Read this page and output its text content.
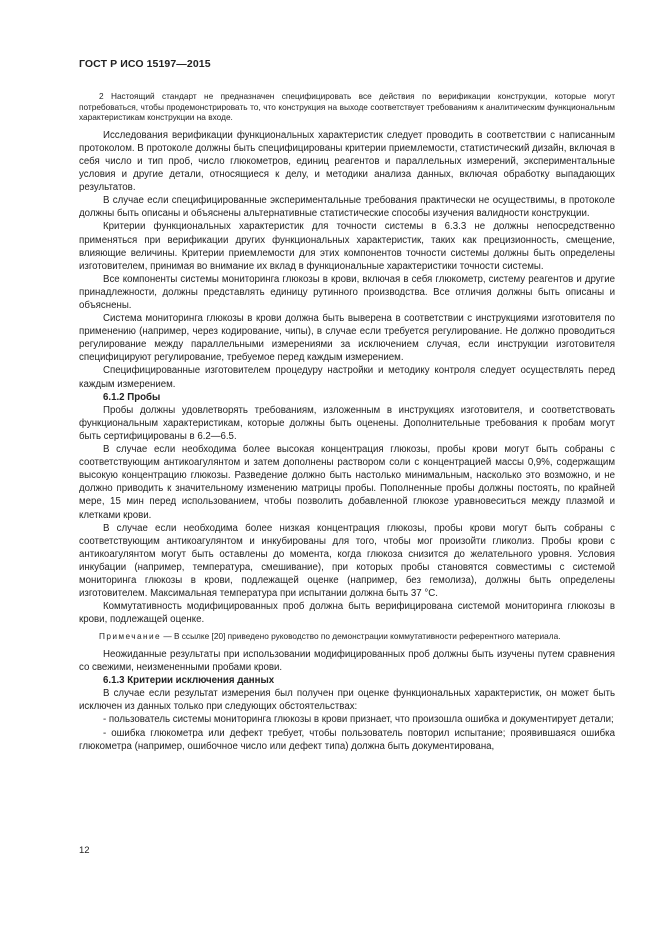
ГОСТ Р ИСО 15197—2015

2 Настоящий стандарт не предназначен специфицировать все действия по верификации конструкции, которые могут потребоваться, чтобы продемонстрировать то, что конструкция на выходе соответствует требованиям к аналитическим функциональным характеристикам конструкции на входе.

Исследования верификации функциональных характеристик следует проводить в соответствии с написанным протоколом. В протоколе должны быть специфицированы критерии приемлемости, статистический дизайн, включая в себя число и тип проб, число глюкометров, единиц реагентов и параллельных измерений, экспериментальные условия и другие детали, относящиеся к делу, и методики анализа данных, включая обработку выпадающих результатов.

В случае если специфицированные экспериментальные требования практически не осуществимы, в протоколе должны быть описаны и объяснены альтернативные статистические способы изучения валидности конструкции.

Критерии функциональных характеристик для точности системы в 6.3.3 не должны непосредственно применяться при верификации других функциональных характеристик, таких как прецизионность, смещение, влияющие величины. Критерии приемлемости для этих компонентов точности системы должны быть определены изготовителем, принимая во внимание их вклад в функциональные характеристики точности системы.

Все компоненты системы мониторинга глюкозы в крови, включая в себя глюкометр, систему реагентов и другие принадлежности, должны представлять единицу рутинного производства. Все отличия должны быть описаны и объяснены.

Система мониторинга глюкозы в крови должна быть выверена в соответствии с инструкциями изготовителя по применению (например, через кодирование, чипы), в случае если требуется регулирование. Не должно проводиться регулирование между параллельными измерениями за исключением случая, если инструкции изготовителя специфицируют регулирование, требуемое перед каждым измерением.

Специфицированные изготовителем процедуру настройки и методику контроля следует осуществлять перед каждым измерением.

6.1.2 Пробы

Пробы должны удовлетворять требованиям, изложенным в инструкциях изготовителя, и соответствовать функциональным характеристикам, которые должны быть оценены. Дополнительные требования к пробам могут быть сертифицированы в 6.2—6.5.

В случае если необходима более высокая концентрация глюкозы, пробы крови могут быть собраны с соответствующим антикоагулянтом и затем дополнены раствором соли с концентрацией массы 0,9%, содержащим высокую концентрацию глюкозы. Разведение должно быть настолько минимальным, насколько это возможно, и не должно приводить к значительному изменению матрицы пробы. Пополненные пробы должны постоять, по крайней мере, 15 мин перед использованием, чтобы позволить добавленной глюкозе уравновеситься между плазмой и клетками крови.

В случае если необходима более низкая концентрация глюкозы, пробы крови могут быть собраны с соответствующим антикоагулянтом и инкубированы для того, чтобы мог произойти гликолиз. Пробы крови с антикоагулянтом могут быть оставлены до момента, когда глюкоза снизится до желательного уровня. Условия инкубации (например, температура, смешивание), при которых пробы становятся совместимы с системой мониторинга глюкозы в крови, подлежащей оценке (например, без гемолиза), должны быть определены изготовителем. Максимальная температура при испытании должна быть 37 °C.

Коммутативность модифицированных проб должна быть верифицирована системой мониторинга глюкозы в крови, подлежащей оценке.

Примечание — В ссылке [20] приведено руководство по демонстрации коммутативности референтного материала.

Неожиданные результаты при использовании модифицированных проб должны быть изучены путем сравнения со свежими, неизмененными пробами крови.

6.1.3 Критерии исключения данных

В случае если результат измерения был получен при оценке функциональных характеристик, он может быть исключен из данных только при следующих обстоятельствах:

- пользователь системы мониторинга глюкозы в крови признает, что произошла ошибка и документирует детали;

- ошибка глюкометра или дефект требует, чтобы пользователь повторил испытание; проявившаяся ошибка глюкометра (например, ошибочное число или дефект типа) должна быть документирована,

12
